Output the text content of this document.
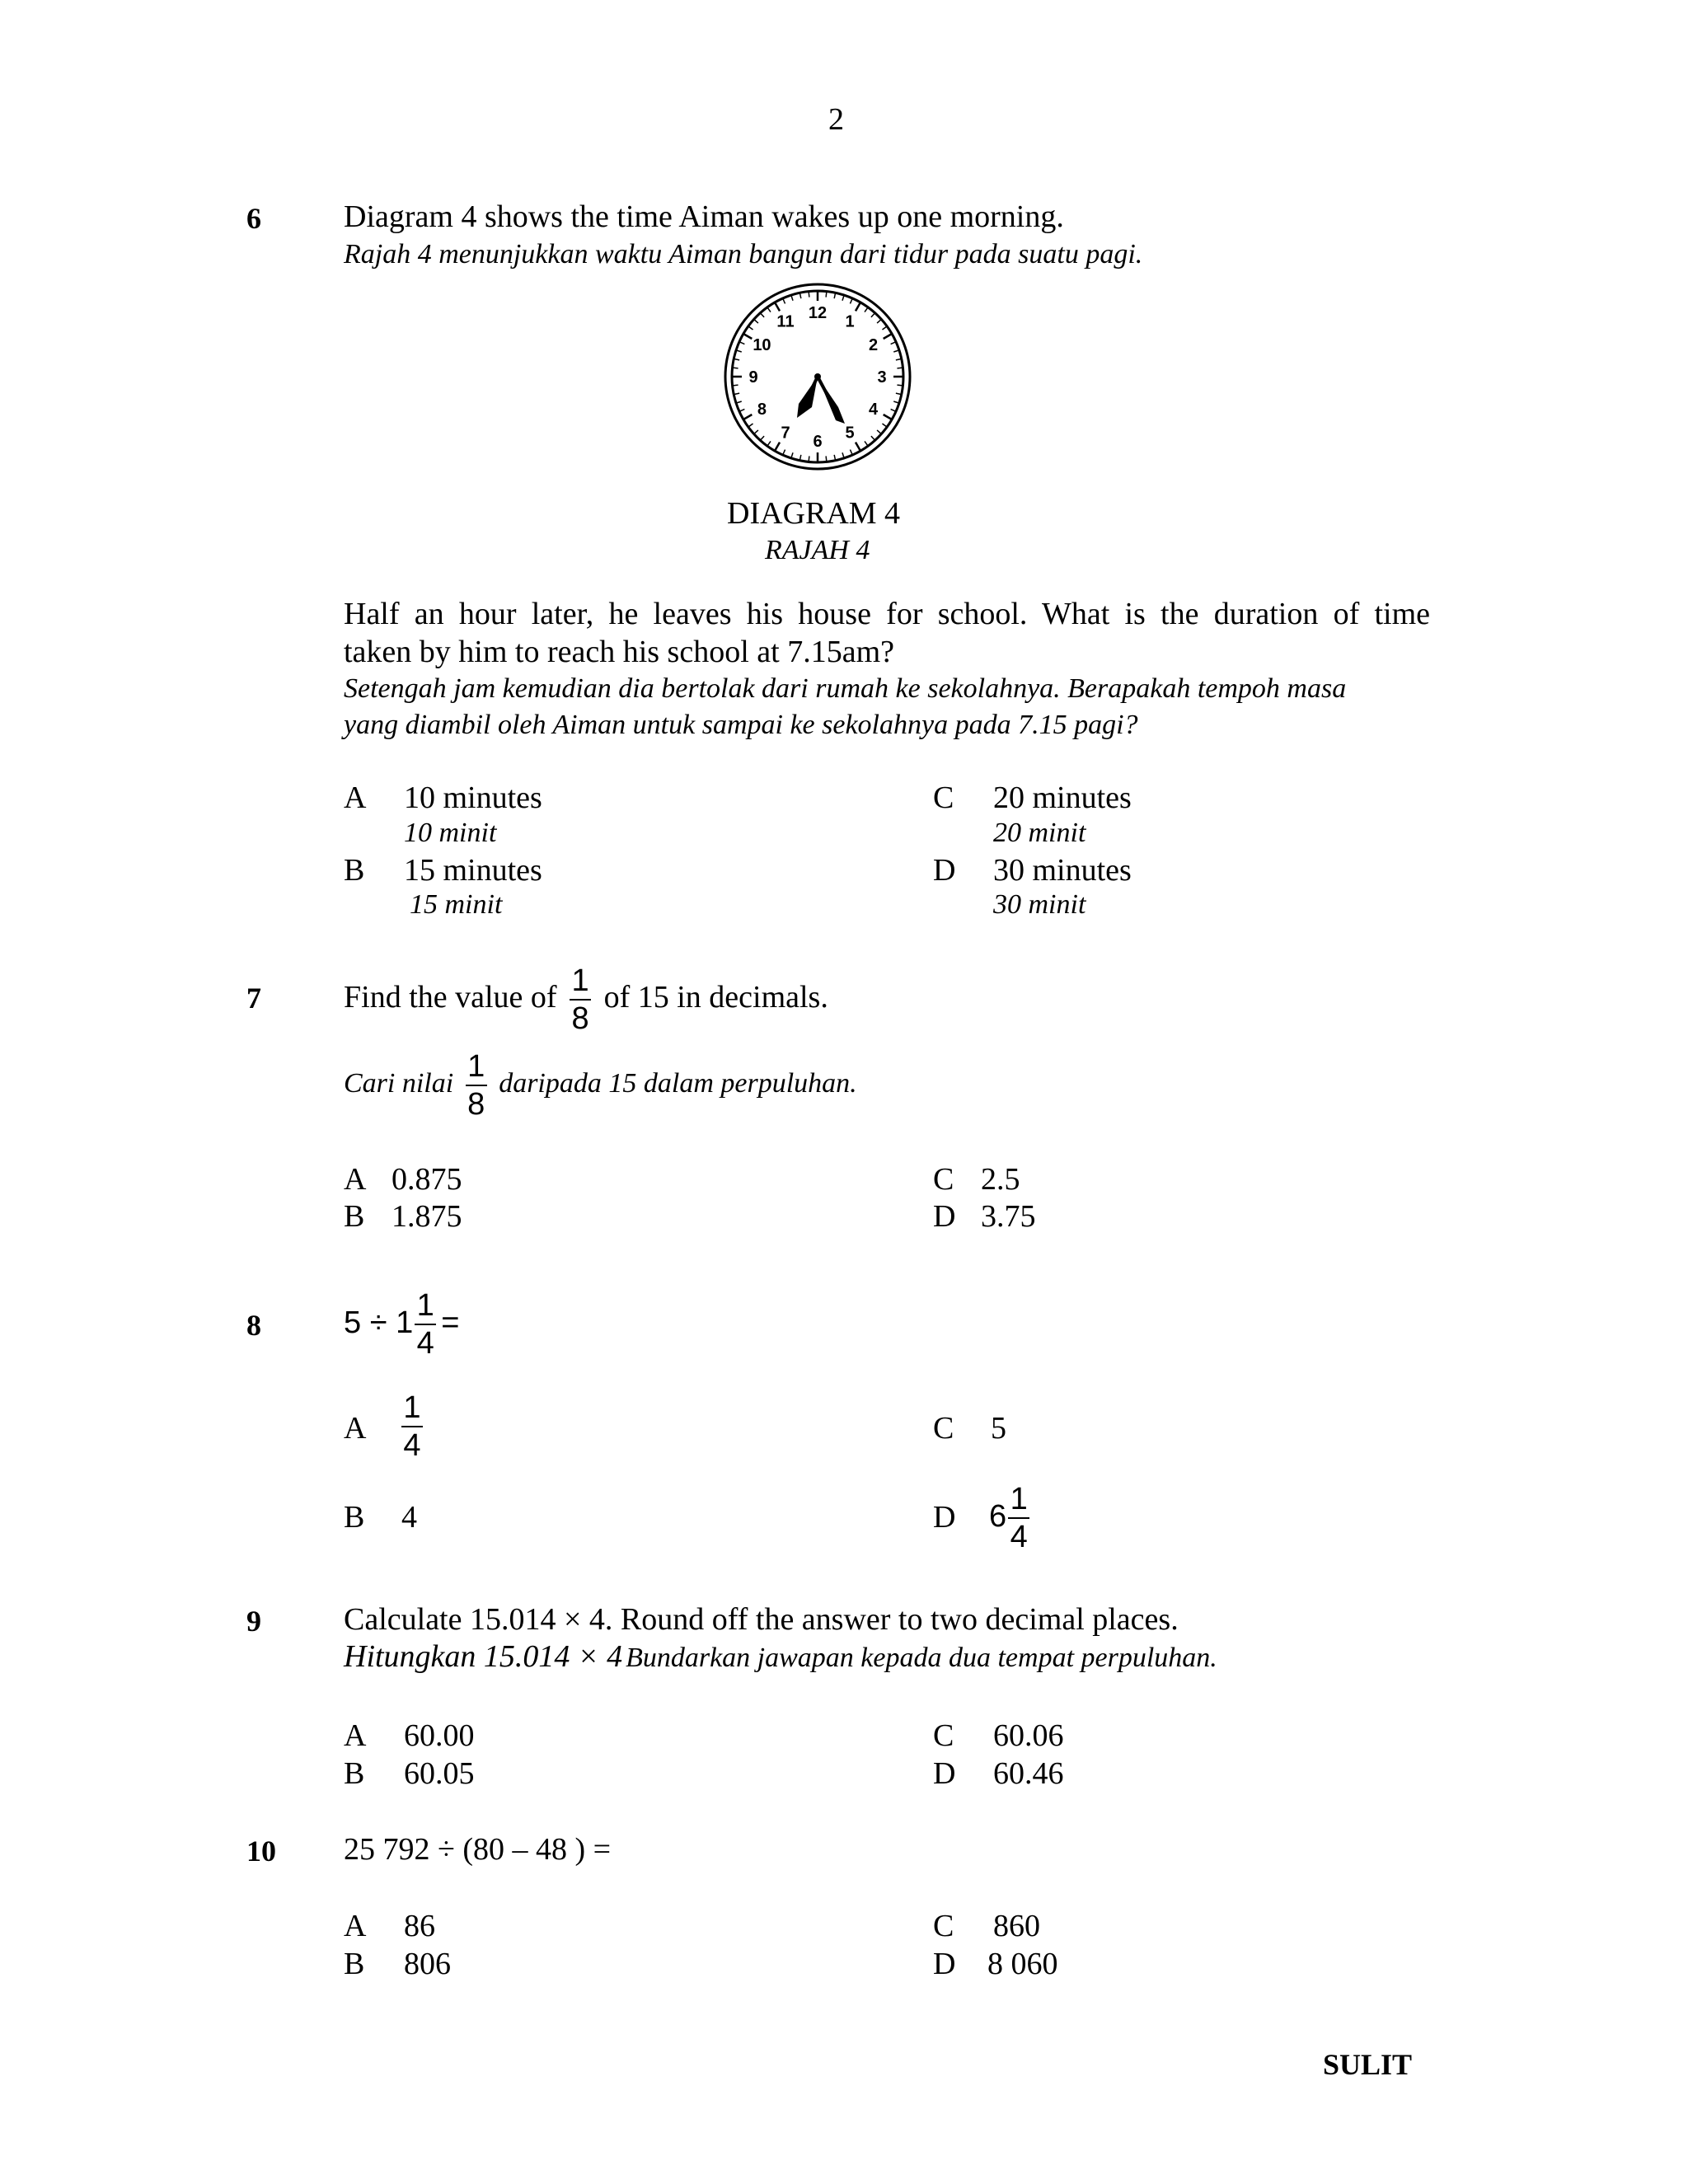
2
6	Diagram 4 shows the time Aiman wakes up one morning.
Rajah 4 menunjukkan waktu Aiman bangun dari tidur pada suatu pagi.
12 1
2
3
4
5
6
7
8
9
10
11
DIAGRAM 4
RAJAH 4
Half an hour later, he leaves his house for school. What is the duration of time
taken by him to reach his school at 7.15am?
Setengah jam kemudian dia bertolak dari rumah ke sekolahnya. Berapakah tempoh masa
yang diambil oleh Aiman untuk sampai ke sekolahnya pada 7.15 pagi?
A 10 minutes
10 minit
B 15 minutes
15 minit
C 20 minutes
20 minit
D 30 minutes
30 minit
7	Find the value of $\frac{1}{8}$ of 15 in decimals.
Cari nilai $\frac{1}{8}$ daripada 15 dalam perpuluhan.
A 0.875
B 1.875
C 2.5
D 3.75
8	$5 \div 1 \frac{1}{4}$ =
A $\frac{1}{4}$
B 4
C 5
D $6 \frac{1}{4}$
9	Calculate 15.014 × 4. Round off the answer to two decimal places.
Hitungkan 15.014 × 4 Bundarkan jawapan kepada dua tempat perpuluhan.
A 60.00
B 60.05
C 60.06
D 60.46
10 25 792 ÷ (80 – 48 ) =
A 86
B 806
C 860
D 8 060
SULIT
